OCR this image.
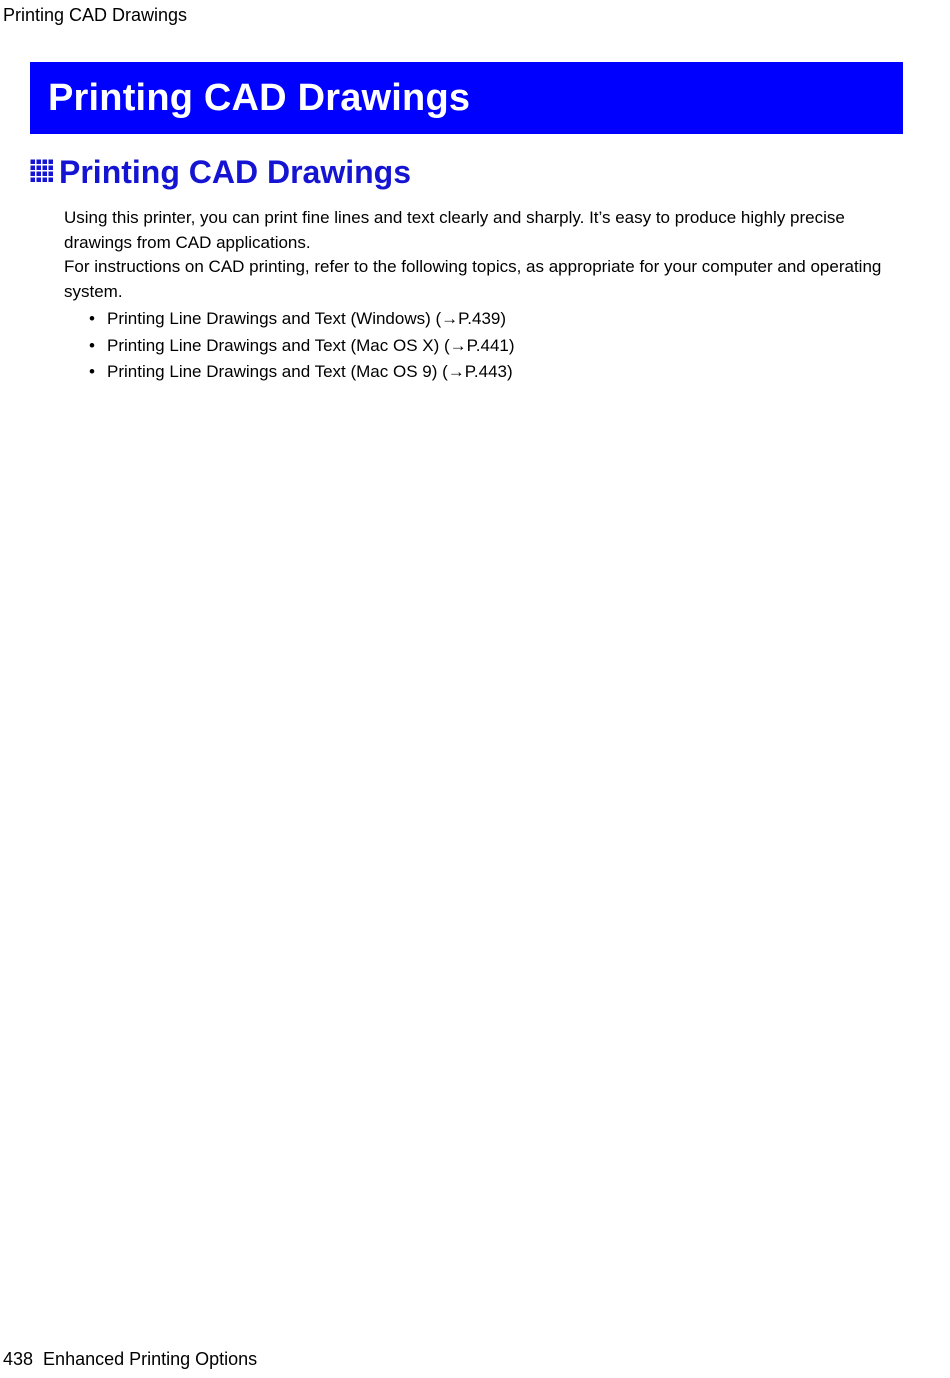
Printing CAD Drawings
Printing CAD Drawings
Printing CAD Drawings

Using this printer, you can print fine lines and text clearly and sharply. It’s easy to produce highly precise drawings from CAD applications.

For instructions on CAD printing, refer to the following topics, as appropriate for your computer and operating system.

• Printing Line Drawings and Text (Windows) (→P.439)
• Printing Line Drawings and Text (Mac OS X) (→P.441)
• Printing Line Drawings and Text (Mac OS 9) (→P.443)
438 Enhanced Printing Options
